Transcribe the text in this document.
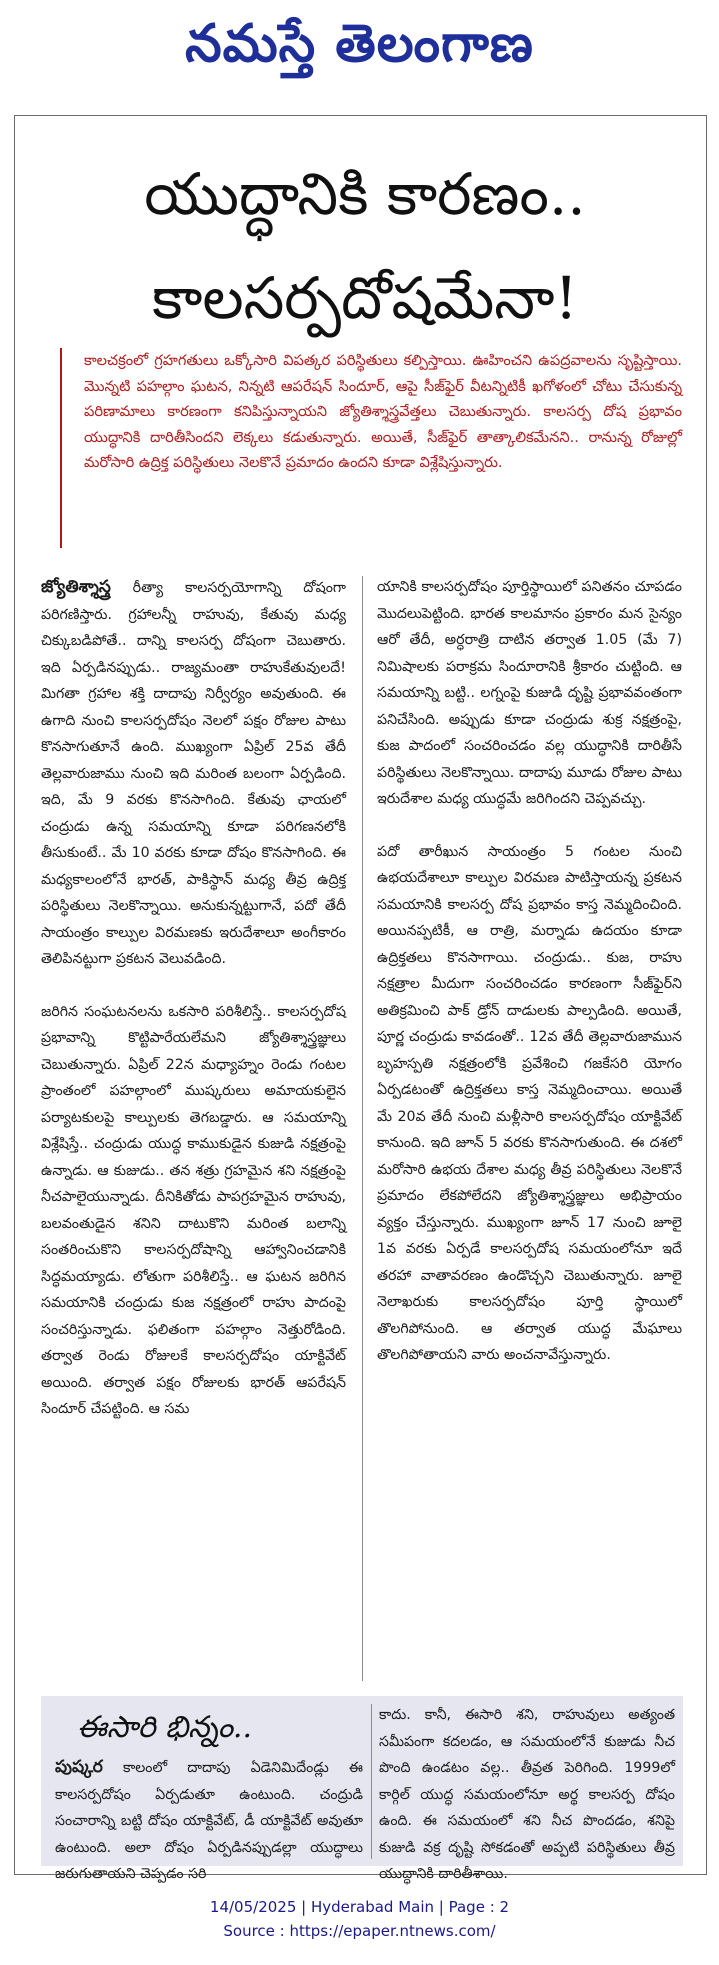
నమస్తే తెలంగాణ
యుద్ధానికి కారణం..
కాలసర్పదోషమేనా!
కాలచక్రంలో గ్రహగతులు ఒక్కోసారి విపత్కర పరిస్థితులు కల్పిస్తాయి. ఊహించని ఉపద్రవాలను సృష్టిస్తాయి. మొన్నటి పహల్గాం ఘటన, నిన్నటి ఆపరేషన్ సిందూర్, ఆపై సీజ్‌ఫైర్ వీటన్నిటికీ ఖగోళంలో చోటు చేసుకున్న పరిణామాలు కారణంగా కనిపిస్తున్నాయని జ్యోతిశ్శాస్త్రవేత్తలు చెబుతున్నారు. కాలసర్ప దోష ప్రభావం యుద్ధానికి దారితీసిందని లెక్కలు కడుతున్నారు. అయితే, సీజ్‌ఫైర్ తాత్కాలికమేనని.. రానున్న రోజుల్లో మరోసారి ఉద్రిక్త పరిస్థితులు నెలకొనే ప్రమాదం ఉందని కూడా విశ్లేషిస్తున్నారు.

జ్యోతిశ్శాస్త్ర రీత్యా కాలసర్పయోగాన్ని దోషంగా పరిగణిస్తారు. గ్రహాలన్నీ రాహువు, కేతువు మధ్య చిక్కుబడిపోతే.. దాన్ని కాలసర్ప దోషంగా చెబుతారు. ఇది ఏర్పడినప్పుడు.. రాజ్యమంతా రాహుకేతువులదే! మిగతా గ్రహాల శక్తి దాదాపు నిర్వీర్యం అవుతుంది. ఈ ఉగాది నుంచి కాలసర్పదోషం నెలలో పక్షం రోజుల పాటు కొనసాగుతూనే ఉంది. ముఖ్యంగా ఏప్రిల్ 25వ తేదీ తెల్లవారుజాము నుంచి ఇది మరింత బలంగా ఏర్పడింది. ఇది, మే 9 వరకు కొనసాగింది. కేతువు ఛాయలో చంద్రుడు ఉన్న సమయాన్ని కూడా పరిగణనలోకి తీసుకుంటే.. మే 10 వరకు కూడా దోషం కొనసాగింది. ఈ మధ్యకాలంలోనే భారత్, పాకిస్థాన్ మధ్య తీవ్ర ఉద్రిక్త పరిస్థితులు నెలకొన్నాయి. అనుకున్నట్టుగానే, పదో తేదీ సాయంత్రం కాల్పుల విరమణకు ఇరుదేశాలూ అంగీకారం తెలిపినట్టుగా ప్రకటన వెలువడింది.

జరిగిన సంఘటనలను ఒకసారి పరిశీలిస్తే.. కాలసర్పదోష ప్రభావాన్ని కొట్టిపారేయలేమని జ్యోతిశ్శాస్త్రజ్ఞులు చెబుతున్నారు. ఏప్రిల్ 22న మధ్యాహ్నం రెండు గంటల ప్రాంతంలో పహల్గాంలో ముష్కరులు అమాయకులైన పర్యాటకులపై కాల్పులకు తెగబడ్డారు. ఆ సమయాన్ని విశ్లేషిస్తే.. చంద్రుడు యుద్ధ కాముకుడైన కుజుడి నక్షత్రంపై ఉన్నాడు. ఆ కుజుడు.. తన శత్రు గ్రహమైన శని నక్షత్రంపై నీచపాలైయున్నాడు. దీనికితోడు పాపగ్రహమైన రాహువు, బలవంతుడైన శనిని దాటుకొని మరింత బలాన్ని సంతరించుకొని కాలసర్పదోషాన్ని ఆహ్వానించడానికి సిద్ధమయ్యాడు. లోతుగా పరిశీలిస్తే.. ఆ ఘటన జరిగిన సమయానికి చంద్రుడు కుజ నక్షత్రంలో రాహు పాదంపై సంచరిస్తున్నాడు. ఫలితంగా పహల్గాం నెత్తురోడింది. తర్వాత రెండు రోజులకే కాలసర్పదోషం యాక్టివేట్ అయింది. తర్వాత పక్షం రోజులకు భారత్ ఆపరేషన్ సిందూర్ చేపట్టింది. ఆ సమ

యానికి కాలసర్పదోషం పూర్తిస్థాయిలో పనితనం చూపడం మొదలుపెట్టింది. భారత కాలమానం ప్రకారం మన సైన్యం ఆరో తేదీ, అర్ధరాత్రి దాటిన తర్వాత 1.05 (మే 7) నిమిషాలకు పరాక్రమ సిందూరానికి శ్రీకారం చుట్టింది. ఆ సమయాన్ని బట్టి.. లగ్నంపై కుజుడి దృష్టి ప్రభావవంతంగా పనిచేసింది. అప్పుడు కూడా చంద్రుడు శుక్ర నక్షత్రంపై, కుజ పాదంలో సంచరించడం వల్ల యుద్ధానికి దారితీసే పరిస్థితులు నెలకొన్నాయి. దాదాపు మూడు రోజుల పాటు ఇరుదేశాల మధ్య యుద్ధమే జరిగిందని చెప్పవచ్చు.

పదో తారీఖున సాయంత్రం 5 గంటల నుంచి ఉభయదేశాలూ కాల్పుల విరమణ పాటిస్తాయన్న ప్రకటన సమయానికి కాలసర్ప దోష ప్రభావం కాస్త నెమ్మదించింది. అయినప్పటికీ, ఆ రాత్రి, మర్నాడు ఉదయం కూడా ఉద్రిక్తతలు కొనసాగాయి. చంద్రుడు.. కుజ, రాహు నక్షత్రాల మీదుగా సంచరించడం కారణంగా సీజ్‌ఫైర్‌ని అతిక్రమించి పాక్ డ్రోన్ దాడులకు పాల్పడింది. అయితే, పూర్ణ చంద్రుడు కావడంతో.. 12వ తేదీ తెల్లవారుజామున బృహస్పతి నక్షత్రంలోకి ప్రవేశించి గజకేసరి యోగం ఏర్పడటంతో ఉద్రిక్తతలు కాస్త నెమ్మదించాయి. అయితే మే 20వ తేదీ నుంచి మళ్లీసారి కాలసర్పదోషం యాక్టివేట్ కానుంది. ఇది జూన్ 5 వరకు కొనసాగుతుంది. ఈ దశలో మరోసారి ఉభయ దేశాల మధ్య తీవ్ర పరిస్థితులు నెలకొనే ప్రమాదం లేకపోలేదని జ్యోతిశ్శాస్త్రజ్ఞులు అభిప్రాయం వ్యక్తం చేస్తున్నారు. ముఖ్యంగా జూన్ 17 నుంచి జూలై 1వ వరకు ఏర్పడే కాలసర్పదోష సమయంలోనూ ఇదే తరహా వాతావరణం ఉండొచ్చని చెబుతున్నారు. జూలై నెలాఖరుకు కాలసర్పదోషం పూర్తి స్థాయిలో తొలగిపోనుంది. ఆ తర్వాత యుద్ధ మేఘాలు తొలగిపోతాయని వారు అంచనావేస్తున్నారు.

ఈసారి భిన్నం..
పుష్కర కాలంలో దాదాపు ఏడెనిమిదేండ్లు ఈ కాలసర్పదోషం ఏర్పడుతూ ఉంటుంది. చంద్రుడి సంచారాన్ని బట్టి దోషం యాక్టివేట్, డీ యాక్టివేట్ అవుతూ ఉంటుంది. అలా దోషం ఏర్పడినప్పుడల్లా యుద్ధాలు జరుగుతాయని చెప్పడం సరి
కాదు. కానీ, ఈసారి శని, రాహువులు అత్యంత సమీపంగా కదలడం, ఆ సమయంలోనే కుజుడు నీచ పొంది ఉండటం వల్ల.. తీవ్రత పెరిగింది. 1999లో కార్గిల్ యుద్ధ సమయంలోనూ అర్థ కాలసర్ప దోషం ఉంది. ఈ సమయంలో శని నీచ పొందడం, శనిపై కుజుడి వక్ర దృష్టి సోకడంతో అప్పటి పరిస్థితులు తీవ్ర యుద్ధానికి దారితీశాయి.
14/05/2025 | Hyderabad Main | Page : 2
Source : https://epaper.ntnews.com/
